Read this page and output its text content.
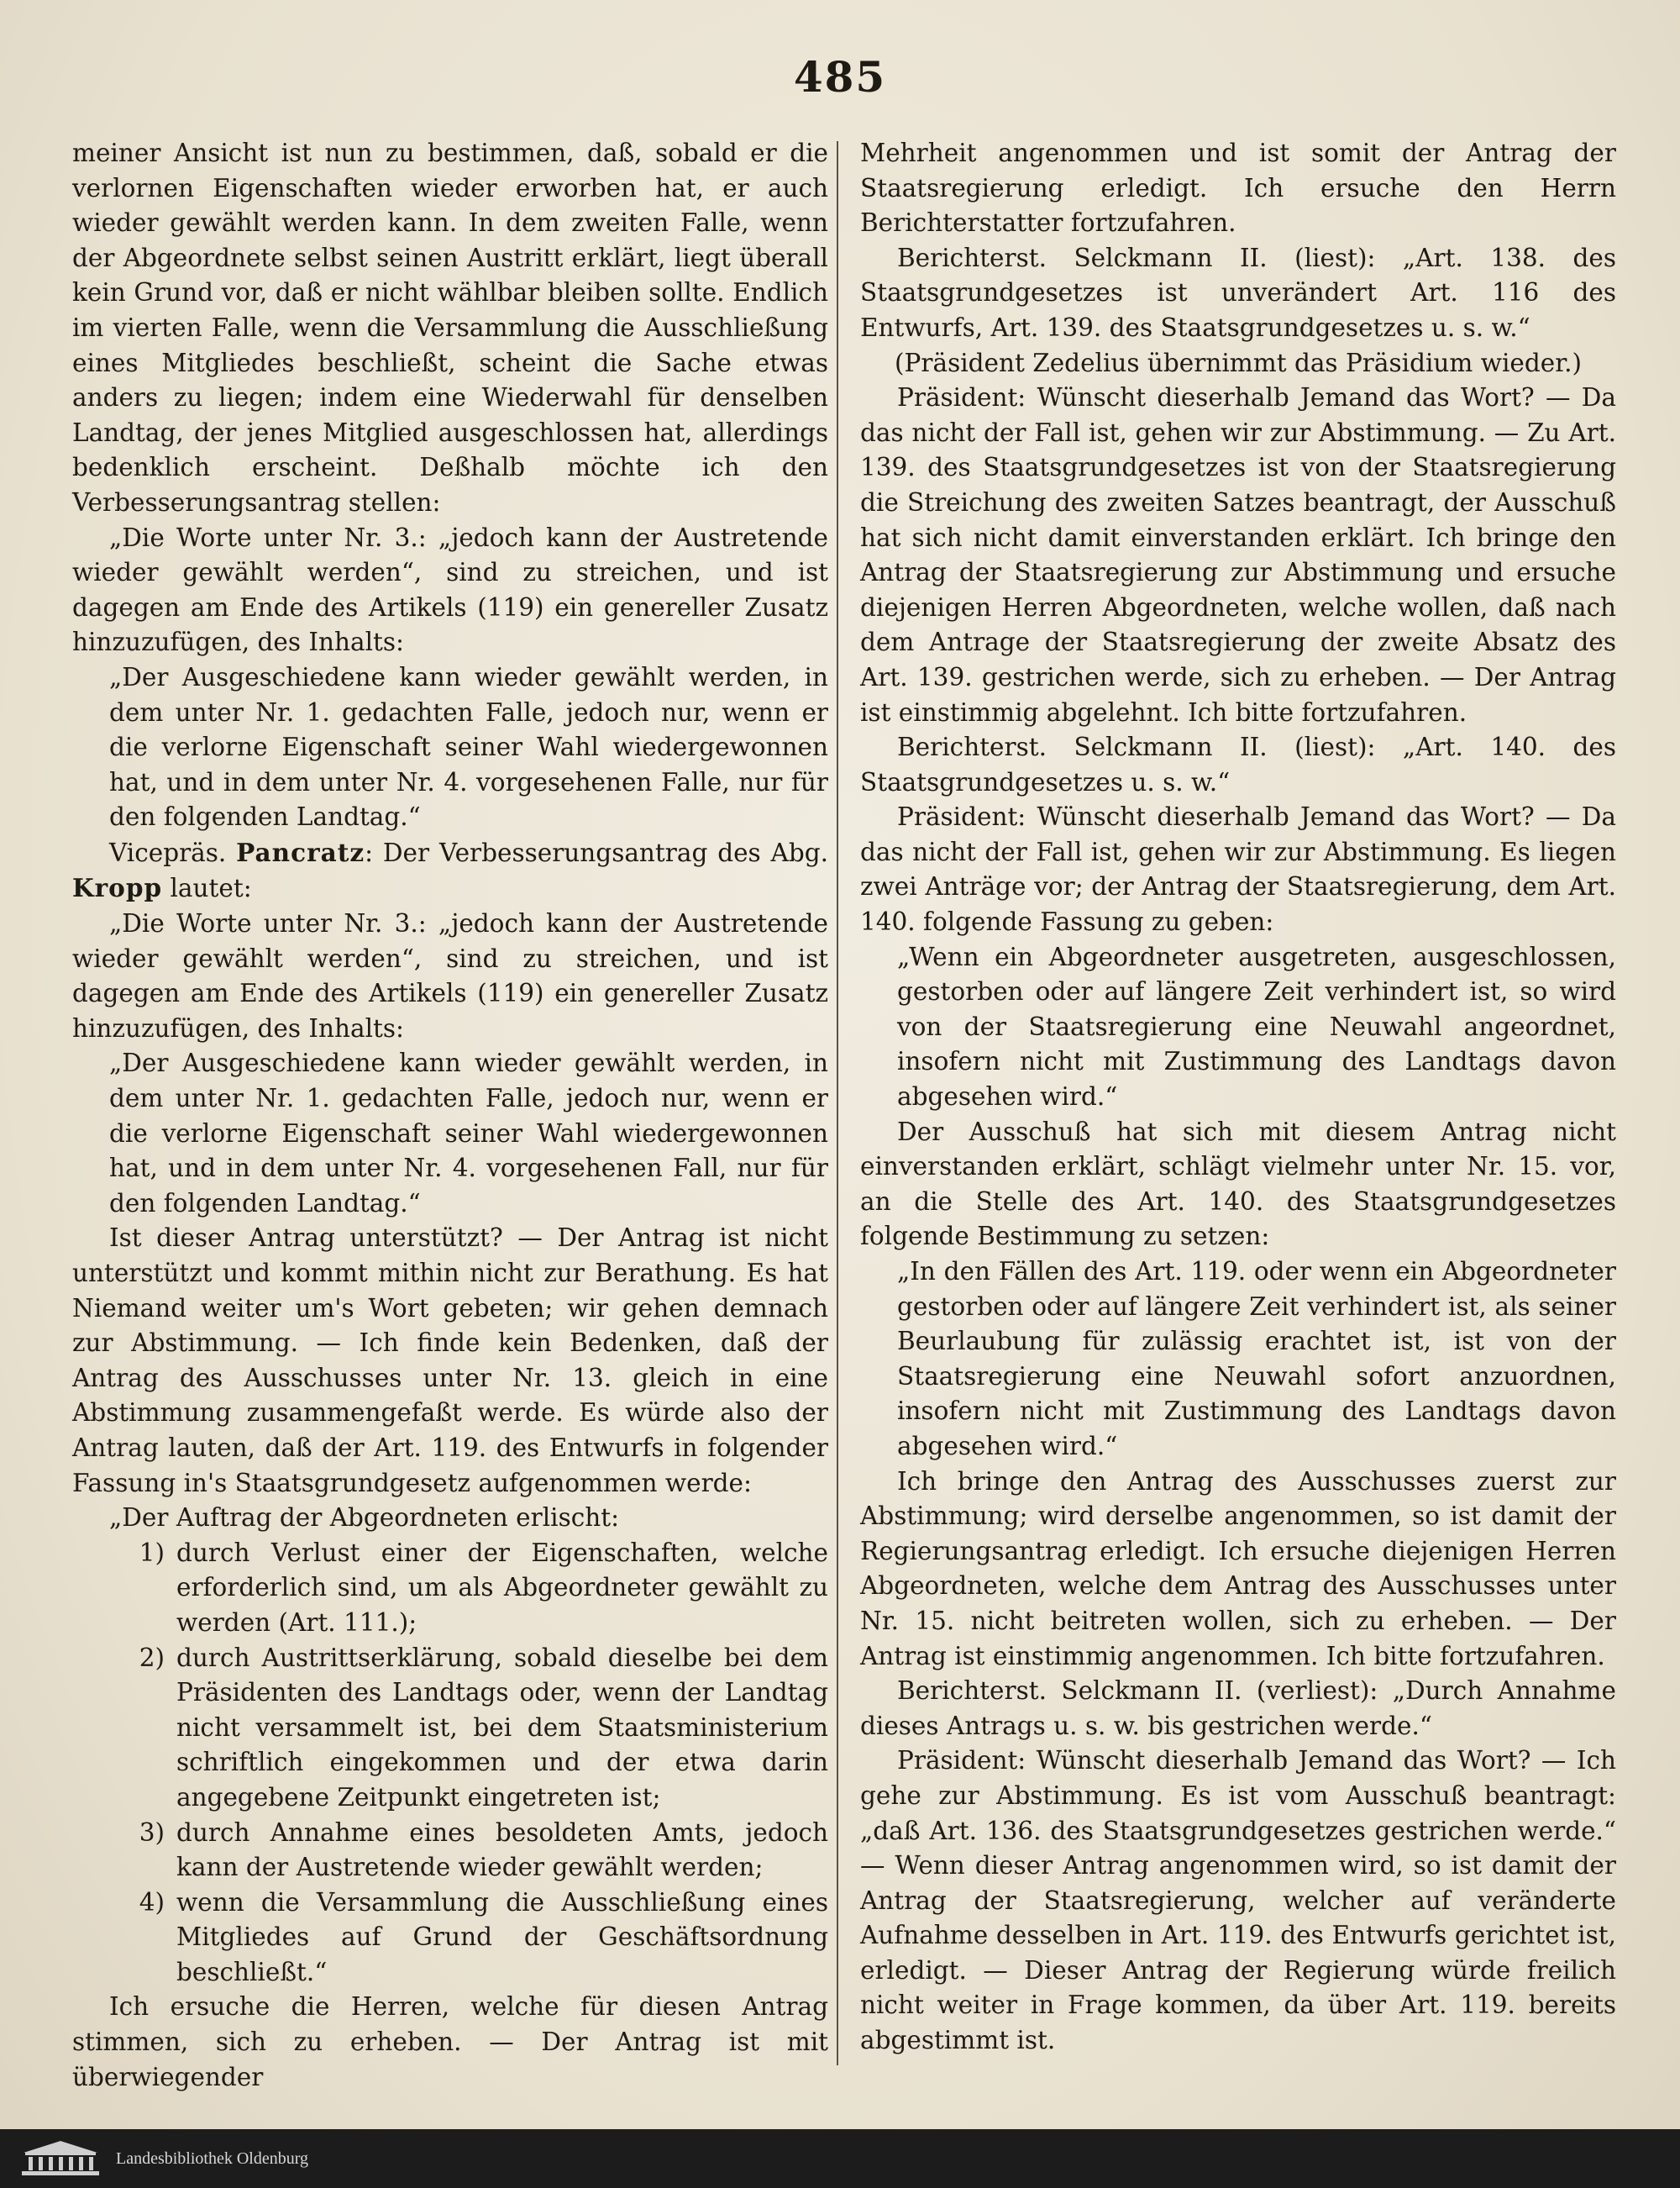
485

meiner Ansicht ist nun zu bestimmen, daß, sobald er die verlornen Eigenschaften wieder erworben hat, er auch wieder gewählt werden kann. In dem zweiten Falle, wenn der Abgeordnete selbst seinen Austritt erklärt, liegt überall kein Grund vor, daß er nicht wählbar bleiben sollte. Endlich im vierten Falle, wenn die Versammlung die Ausschließung eines Mitgliedes beschließt, scheint die Sache etwas anders zu liegen; indem eine Wiederwahl für denselben Landtag, der jenes Mitglied ausgeschlossen hat, allerdings bedenklich erscheint. Deßhalb möchte ich den Verbesserungsantrag stellen:

„Die Worte unter Nr. 3.: „jedoch kann der Austretende wieder gewählt werden“, sind zu streichen, und ist dagegen am Ende des Artikels (119) ein genereller Zusatz hinzuzufügen, des Inhalts:

„Der Ausgeschiedene kann wieder gewählt werden, in dem unter Nr. 1. gedachten Falle, jedoch nur, wenn er die verlorne Eigenschaft seiner Wahl wiedergewonnen hat, und in dem unter Nr. 4. vorgesehenen Falle, nur für den folgenden Landtag.“

Vicepräs. Pancratz: Der Verbesserungsantrag des Abg. Kropp lautet:

„Die Worte unter Nr. 3.: „jedoch kann der Austretende wieder gewählt werden“, sind zu streichen, und ist dagegen am Ende des Artikels (119) ein genereller Zusatz hinzuzufügen, des Inhalts:

„Der Ausgeschiedene kann wieder gewählt werden, in dem unter Nr. 1. gedachten Falle, jedoch nur, wenn er die verlorne Eigenschaft seiner Wahl wiedergewonnen hat, und in dem unter Nr. 4. vorgesehenen Fall, nur für den folgenden Landtag.“

Ist dieser Antrag unterstützt? — Der Antrag ist nicht unterstützt und kommt mithin nicht zur Berathung. Es hat Niemand weiter um's Wort gebeten; wir gehen demnach zur Abstimmung. — Ich finde kein Bedenken, daß der Antrag des Ausschusses unter Nr. 13. gleich in eine Abstimmung zusammengefaßt werde. Es würde also der Antrag lauten, daß der Art. 119. des Entwurfs in folgender Fassung in's Staatsgrundgesetz aufgenommen werde:

„Der Auftrag der Abgeordneten erlischt:

1) durch Verlust einer der Eigenschaften, welche erforderlich sind, um als Abgeordneter gewählt zu werden (Art. 111.);
2) durch Austrittserklärung, sobald dieselbe bei dem Präsidenten des Landtags oder, wenn der Landtag nicht versammelt ist, bei dem Staatsministerium schriftlich eingekommen und der etwa darin angegebene Zeitpunkt eingetreten ist;
3) durch Annahme eines besoldeten Amts, jedoch kann der Austretende wieder gewählt werden;
4) wenn die Versammlung die Ausschließung eines Mitgliedes auf Grund der Geschäftsordnung beschließt.“

Ich ersuche die Herren, welche für diesen Antrag stimmen, sich zu erheben. — Der Antrag ist mit überwiegender

Mehrheit angenommen und ist somit der Antrag der Staatsregierung erledigt. Ich ersuche den Herrn Berichterstatter fortzufahren.

Berichterst. Selckmann II. (liest): „Art. 138. des Staatsgrundgesetzes ist unverändert Art. 116 des Entwurfs, Art. 139. des Staatsgrundgesetzes u. s. w.“

(Präsident Zedelius übernimmt das Präsidium wieder.)

Präsident: Wünscht dieserhalb Jemand das Wort? — Da das nicht der Fall ist, gehen wir zur Abstimmung. — Zu Art. 139. des Staatsgrundgesetzes ist von der Staatsregierung die Streichung des zweiten Satzes beantragt, der Ausschuß hat sich nicht damit einverstanden erklärt. Ich bringe den Antrag der Staatsregierung zur Abstimmung und ersuche diejenigen Herren Abgeordneten, welche wollen, daß nach dem Antrage der Staatsregierung der zweite Absatz des Art. 139. gestrichen werde, sich zu erheben. — Der Antrag ist einstimmig abgelehnt. Ich bitte fortzufahren.

Berichterst. Selckmann II. (liest): „Art. 140. des Staatsgrundgesetzes u. s. w.“

Präsident: Wünscht dieserhalb Jemand das Wort? — Da das nicht der Fall ist, gehen wir zur Abstimmung. Es liegen zwei Anträge vor; der Antrag der Staatsregierung, dem Art. 140. folgende Fassung zu geben:

„Wenn ein Abgeordneter ausgetreten, ausgeschlossen, gestorben oder auf längere Zeit verhindert ist, so wird von der Staatsregierung eine Neuwahl angeordnet, insofern nicht mit Zustimmung des Landtags davon abgesehen wird.“

Der Ausschuß hat sich mit diesem Antrag nicht einverstanden erklärt, schlägt vielmehr unter Nr. 15. vor, an die Stelle des Art. 140. des Staatsgrundgesetzes folgende Bestimmung zu setzen:

„In den Fällen des Art. 119. oder wenn ein Abgeordneter gestorben oder auf längere Zeit verhindert ist, als seiner Beurlaubung für zulässig erachtet ist, ist von der Staatsregierung eine Neuwahl sofort anzuordnen, insofern nicht mit Zustimmung des Landtags davon abgesehen wird.“

Ich bringe den Antrag des Ausschusses zuerst zur Abstimmung; wird derselbe angenommen, so ist damit der Regierungsantrag erledigt. Ich ersuche diejenigen Herren Abgeordneten, welche dem Antrag des Ausschusses unter Nr. 15. nicht beitreten wollen, sich zu erheben. — Der Antrag ist einstimmig angenommen. Ich bitte fortzufahren.

Berichterst. Selckmann II. (verliest): „Durch Annahme dieses Antrags u. s. w. bis gestrichen werde.“

Präsident: Wünscht dieserhalb Jemand das Wort? — Ich gehe zur Abstimmung. Es ist vom Ausschuß beantragt: „daß Art. 136. des Staatsgrundgesetzes gestrichen werde.“ — Wenn dieser Antrag angenommen wird, so ist damit der Antrag der Staatsregierung, welcher auf veränderte Aufnahme desselben in Art. 119. des Entwurfs gerichtet ist, erledigt. — Dieser Antrag der Regierung würde freilich nicht weiter in Frage kommen, da über Art. 119. bereits abgestimmt ist.

Landesbibliothek Oldenburg
